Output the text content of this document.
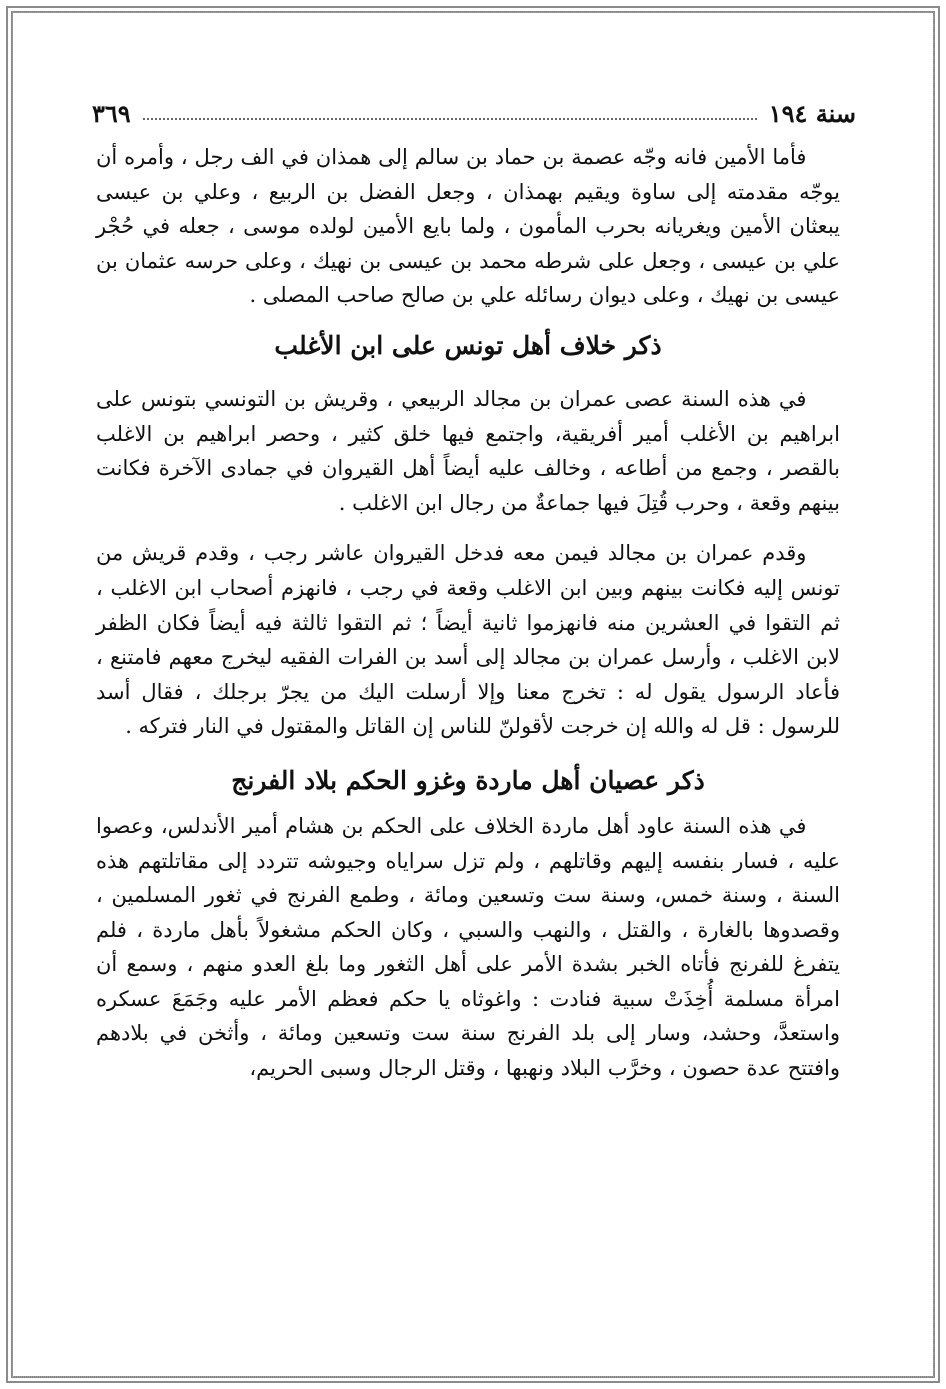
سنة ١٩٤
٣٦٩

فأما الأمين فانه وجّه عصمة بن حماد بن سالم إلى همذان في الف رجل ، وأمره أن يوجّه مقدمته إلى ساوة ويقيم بهمذان ، وجعل الفضل بن الربيع ، وعلي بن عيسى يبعثان الأمين ويغريانه بحرب المأمون ، ولما بايع الأمين لولده موسى ، جعله في حُجْر علي بن عيسى ، وجعل على شرطه محمد بن عيسى بن نهيك ، وعلى حرسه عثمان بن عيسى بن نهيك ، وعلى ديوان رسائله علي بن صالح صاحب المصلى .

ذكر خلاف أهل تونس على ابن الأغلب

في هذه السنة عصى عمران بن مجالد الربيعي ، وقريش بن التونسي بتونس على ابراهيم بن الأغلب أمير أفريقية، واجتمع فيها خلق كثير ، وحصر ابراهيم بن الاغلب بالقصر ، وجمع من أطاعه ، وخالف عليه أيضاً أهل القيروان في جمادى الآخرة فكانت بينهم وقعة ، وحرب قُتِلَ فيها جماعةٌ من رجال ابن الاغلب .

وقدم عمران بن مجالد فيمن معه فدخل القيروان عاشر رجب ، وقدم قريش من تونس إليه فكانت بينهم وبين ابن الاغلب وقعة في رجب ، فانهزم أصحاب ابن الاغلب ، ثم التقوا في العشرين منه فانهزموا ثانية أيضاً ؛ ثم التقوا ثالثة فيه أيضاً فكان الظفر لابن الاغلب ، وأرسل عمران بن مجالد إلى أسد بن الفرات الفقيه ليخرج معهم فامتنع ، فأعاد الرسول يقول له : تخرج معنا وإلا أرسلت اليك من يجرّ برجلك ، فقال أسد للرسول : قل له والله إن خرجت لأقولنّ للناس إن القاتل والمقتول في النار فتركه .

ذكر عصيان أهل ماردة وغزو الحكم بلاد الفرنج

في هذه السنة عاود أهل ماردة الخلاف على الحكم بن هشام أمير الأندلس، وعصوا عليه ، فسار بنفسه إليهم وقاتلهم ، ولم تزل سراياه وجيوشه تتردد إلى مقاتلتهم هذه السنة ، وسنة خمس، وسنة ست وتسعين ومائة ، وطمع الفرنج في ثغور المسلمين ، وقصدوها بالغارة ، والقتل ، والنهب والسبي ، وكان الحكم مشغولاً بأهل ماردة ، فلم يتفرغ للفرنج فأتاه الخبر بشدة الأمر على أهل الثغور وما بلغ العدو منهم ، وسمع أن امرأة مسلمة أُخِذَتْ سبية فنادت : واغوثاه يا حكم فعظم الأمر عليه وجَمَعَ عسكره واستعدَّ، وحشد، وسار إلى بلد الفرنج سنة ست وتسعين ومائة ، وأثخن في بلادهم وافتتح عدة حصون ، وخرَّب البلاد ونهبها ، وقتل الرجال وسبى الحريم،
